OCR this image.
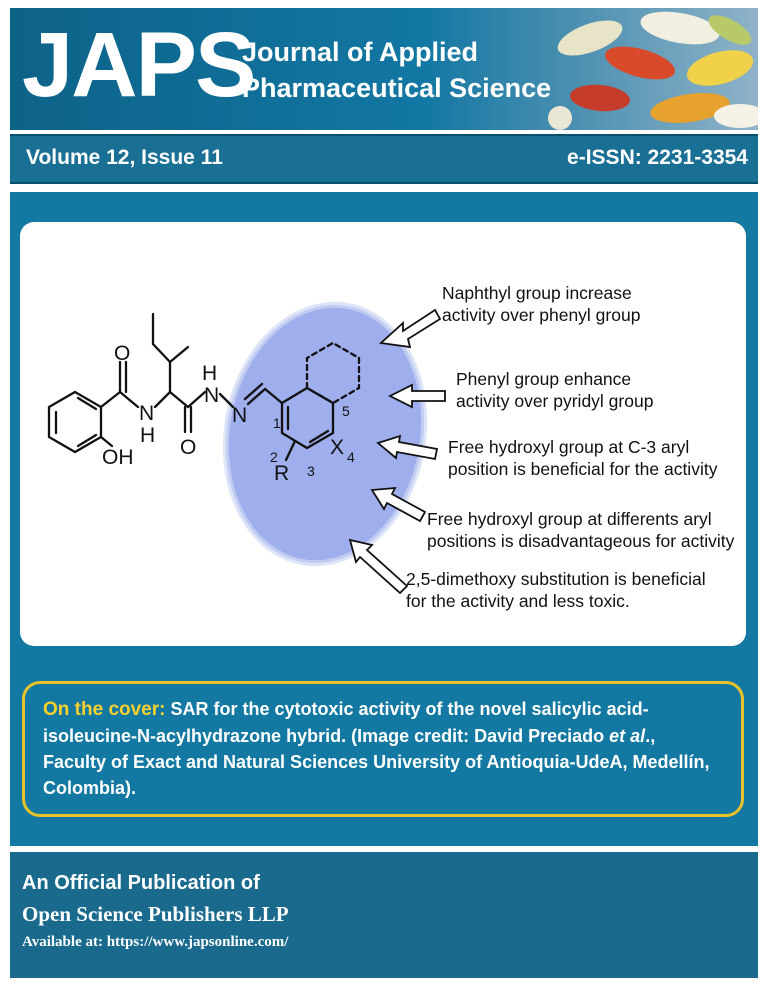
JAPS
Journal of Applied
Pharmaceutical Science
Volume 12, Issue 11	e-ISSN: 2231-3354
OH
N
H
H
N
N
O
O	X
R
1
2
3
4
5
Naphthyl group increase
activity over phenyl group
Phenyl group enhance
activity over pyridyl group
Free hydroxyl group at C-3 aryl
position is beneficial for the activity
Free hydroxyl group at differents aryl
positions is disadvantageous for activity
2,5-dimethoxy substitution is beneficial
for the activity and less toxic.
On the cover: SAR for the cytotoxic activity of the novel salicylic acid-isoleucine-N-acylhydrazone hybrid. (Image credit: David Preciado et al., Faculty of Exact and Natural Sciences University of Antioquia-UdeA, Medellín, Colombia).
An Official Publication of
Open Science Publishers LLP
Available at: https://www.japsonline.com/
